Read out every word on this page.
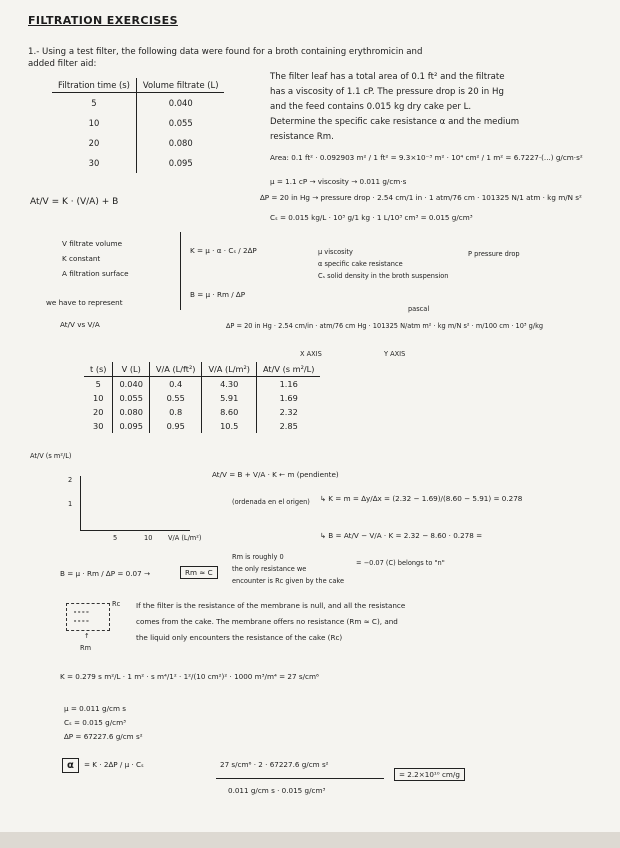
FILTRATION EXERCISES
1.- Using a test filter, the following data were found for a broth containing erythromicin and
added filter aid:
Filtration time (s)	Volume filtrate (L)
5	0.040
10	0.055
20	0.080
30	0.095
The filter leaf has a total area of 0.1 ft² and the filtrate
has a viscosity of 1.1 cP. The pressure drop is 20 in Hg
and the feed contains 0.015 kg dry cake per L.
Determine the specific cake resistance α and the medium
resistance Rm.
Area: 0.1 ft² · 0.092903 m² / 1 ft² = 9.3×10⁻³ m² · 10⁴ cm² / 1 m² = 6.7227·(...) g/cm·s²
μ = 1.1 cP → viscosity → 0.011 g/cm·s
∆P = 20 in Hg → pressure drop · 2.54 cm/1 in · 1 atm/76 cm · 101325 N/1 atm · kg m/N s²
Cₛ = 0.015 kg/L · 10³ g/1 kg · 1 L/10³ cm³ = 0.015 g/cm³
At/V = K · (V/A) + B
V filtrate volume
K constant
A filtration surface
K = μ · α · Cₛ / 2∆P
B = μ · Rm / ∆P
μ viscosity
α specific cake resistance
Cₛ solid density in the broth suspension
P pressure drop
we have to represent
At/V vs V/A
pascal
∆P = 20 in Hg · 2.54 cm/in · atm/76 cm Hg · 101325 N/atm m² · kg m/N s² · m/100 cm · 10³ g/kg
X AXIS	Y AXIS
t (s)	V (L)	V/A (L/ft²)	V/A (L/m²)	At/V (s m²/L)
5	0.040	0.4	4.30	1.16
10	0.055	0.55	5.91	1.69
20	0.080	0.8	8.60	2.32
30	0.095	0.95	10.5	2.85
At/V (s m²/L)
2
1
5	10 V/A (L/m²)
At/V = B + V/A · K ← m (pendiente)
(ordenada en el origen) ↳ K = m = ∆y/∆x = (2.32 − 1.69)/(8.60 − 5.91) = 0.278
↳ B = At/V − V/A · K = 2.32 − 8.60 · 0.278 =
Rm is roughly 0
the only resistance we
encounter is Rc given by the cake
= −0.07 (C) belongs to "n"
B = μ · Rm / ∆P = 0.07 →	Rm ≈ C
∘∘∘∘
∘∘∘∘
Rc
↑
Rm
If the filter is the resistance of the membrane is null, and all the resistance
comes from the cake. The membrane offers no resistance (Rm ≈ C), and
the liquid only encounters the resistance of the cake (Rc)
K = 0.279 s m²/L · 1 m² · s m⁴/1² · 1²/(10 cm²)² · 1000 m³/m⁴ = 27 s/cm⁶
μ = 0.011 g/cm s
Cₛ = 0.015 g/cm³
∆P = 67227.6 g/cm s²
α	= K · 2∆P / μ · Cₛ	27 s/cm⁶ · 2 · 67227.6 g/cm s²
0.011 g/cm s · 0.015 g/cm³
= 2.2×10¹⁰ cm/g
